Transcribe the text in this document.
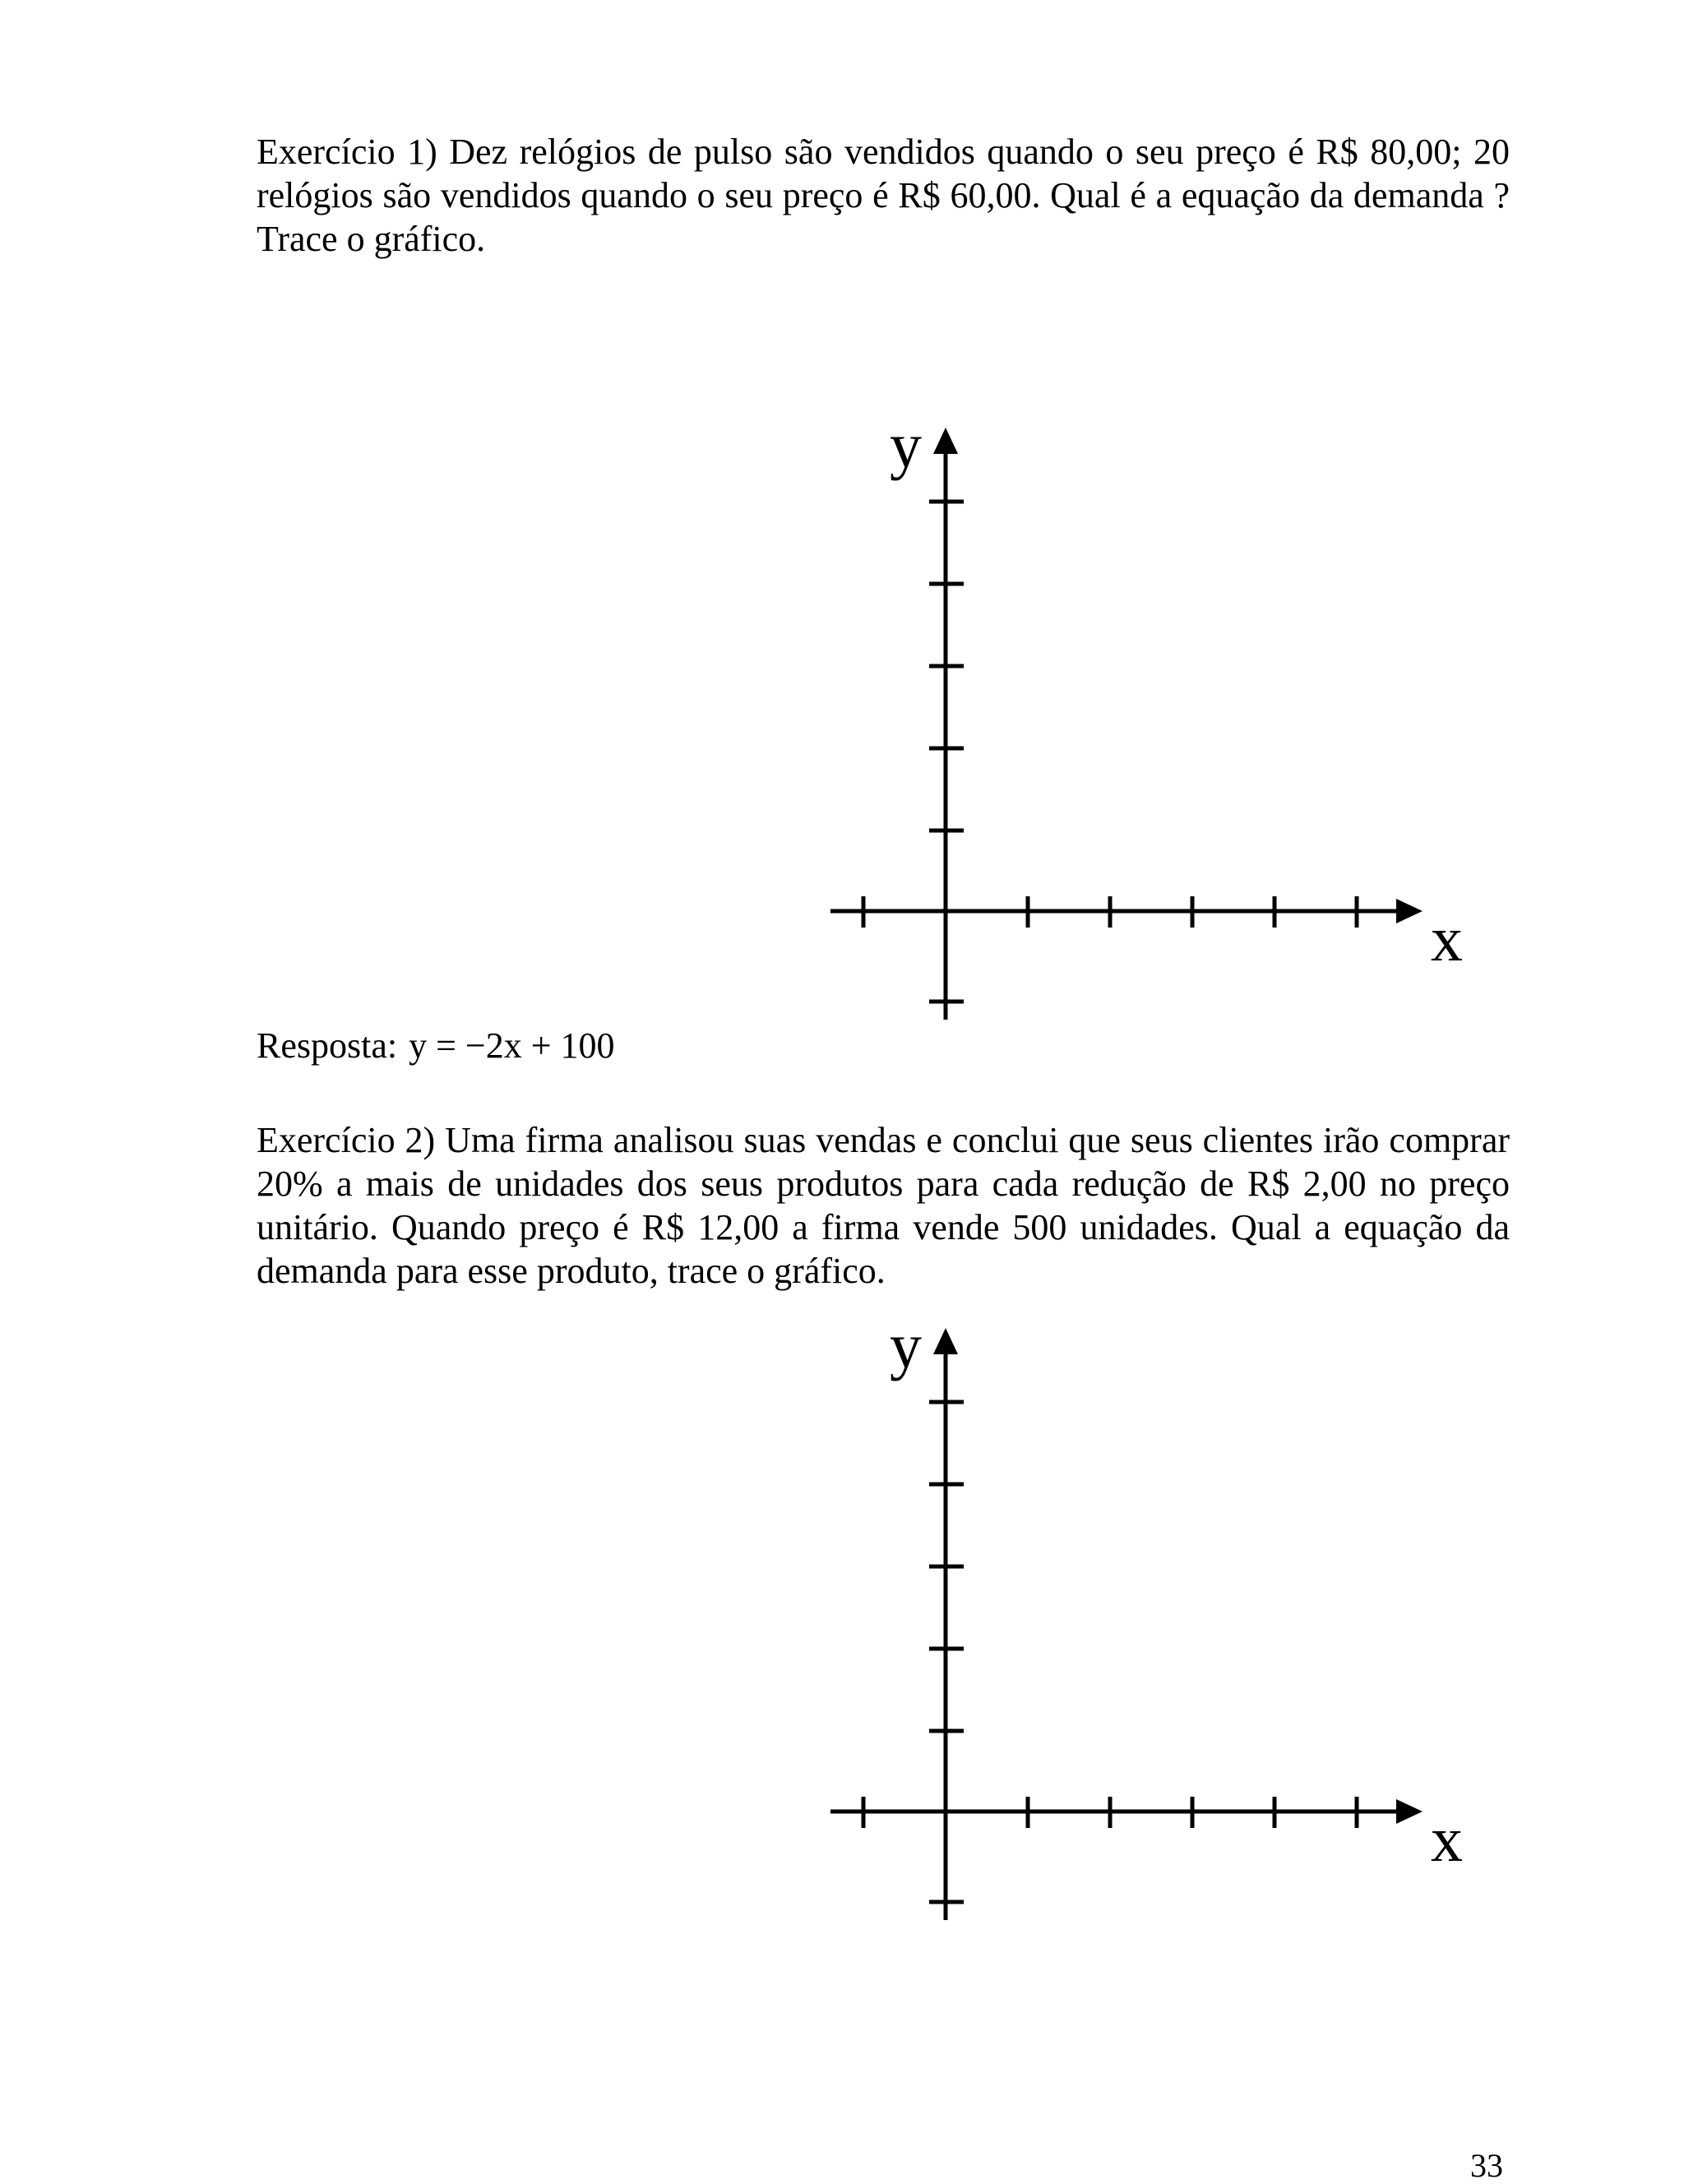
Exercício 1) Dez relógios de pulso são vendidos quando o seu preço é R$ 80,00; 20 relógios são vendidos quando o seu preço é R$ 60,00. Qual é a equação da demanda ? Trace o gráfico.

y
x
Resposta: y = −2x + 100

Exercício 2) Uma firma analisou suas vendas e conclui que seus clientes irão comprar 20% a mais de unidades dos seus produtos para cada redução de R$ 2,00 no preço unitário. Quando preço é R$ 12,00 a firma vende 500 unidades. Qual a equação da demanda para esse produto, trace o gráfico.

y
x
33
